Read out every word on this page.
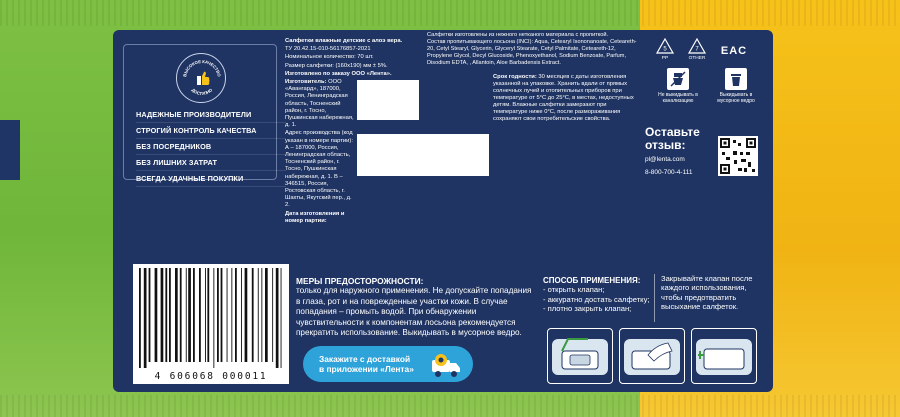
ВЫСОКОЕ КАЧЕСТВО
ДОСТУПНО
НАДЕЖНЫЕ ПРОИЗВОДИТЕЛИ
СТРОГИЙ КОНТРОЛЬ КАЧЕСТВА
БЕЗ ПОСРЕДНИКОВ
БЕЗ ЛИШНИХ ЗАТРАТ
ВСЕГДА УДАЧНЫЕ ПОКУПКИ

Салфетки влажные детские с алоэ вера.

ТУ 20.42.15-010-56176857-2021

Номинальное количество: 70 шт.

Размер салфетки: (160х190) мм ± 5%.

Изготовлено по заказу ООО «Лента».

Изготовитель: ООО «Авангард», 187000, Россия, Ленинградская область, Тосненский район, г. Тосно, Пушкинская набережная, д. 1.

Адрес производства (код указан в номере партии): А – 187000, Россия, Ленинградская область, Тосненский район, г. Тосно, Пушкинская набережная, д. 1. В – 346515, Россия, Ростовская область, г. Шахты, Якутский пер., д. 2.

Дата изготовления и номер партии:

Салфетки изготовлены из нежного нетканого материала с пропиткой.

Состав пропитывающего лосьона (INCI): Aqua, Cetearyl Isononanoate, Ceteareth-20, Cetyl Stearyl, Glycerin, Glyceryl Stearate, Cetyl Palmitate, Ceteareth-12, Propylene Glycol, Decyl Glucoside, Phenoxyethanol, Sodium Benzoate, Parfum, Disodium EDTA, , Allantoin, Aloe Barbadensis Extract.

Срок годности: 30 месяцев с даты изготовления указанной на упаковке. Хранить вдали от прямых солнечных лучей и отопительных приборов при температуре от 5°С до 25°С, в местах, недоступных детям. Влажные салфетки замерзают при температуре ниже 0°С, после размораживания сохраняют свои потребительские свойства.
5
PP
7
OTHER
EAC
Не выкидывать в канализацию
Выкидывать в мусорное ведро
Оставьте отзыв:
pl@lenta.com
8-800-700-4-111
4 606068 000011
МЕРЫ ПРЕДОСТОРОЖНОСТИ:
только для наружного применения. Не допускайте попадания в глаза, рот и на поврежденные участки кожи. В случае попадания – промыть водой. При обнаружении чувствительности к компонентам лосьона рекомендуется прекратить использование. Выкидывать в мусорное ведро.
Закажите с доставкой
в приложении «Лента»
СПОСОБ ПРИМЕНЕНИЯ:
- открыть клапан;
- аккуратно достать салфетку;
- плотно закрыть клапан;
Закрывайте клапан после каждого использования, чтобы предотвратить высыхание салфеток.
